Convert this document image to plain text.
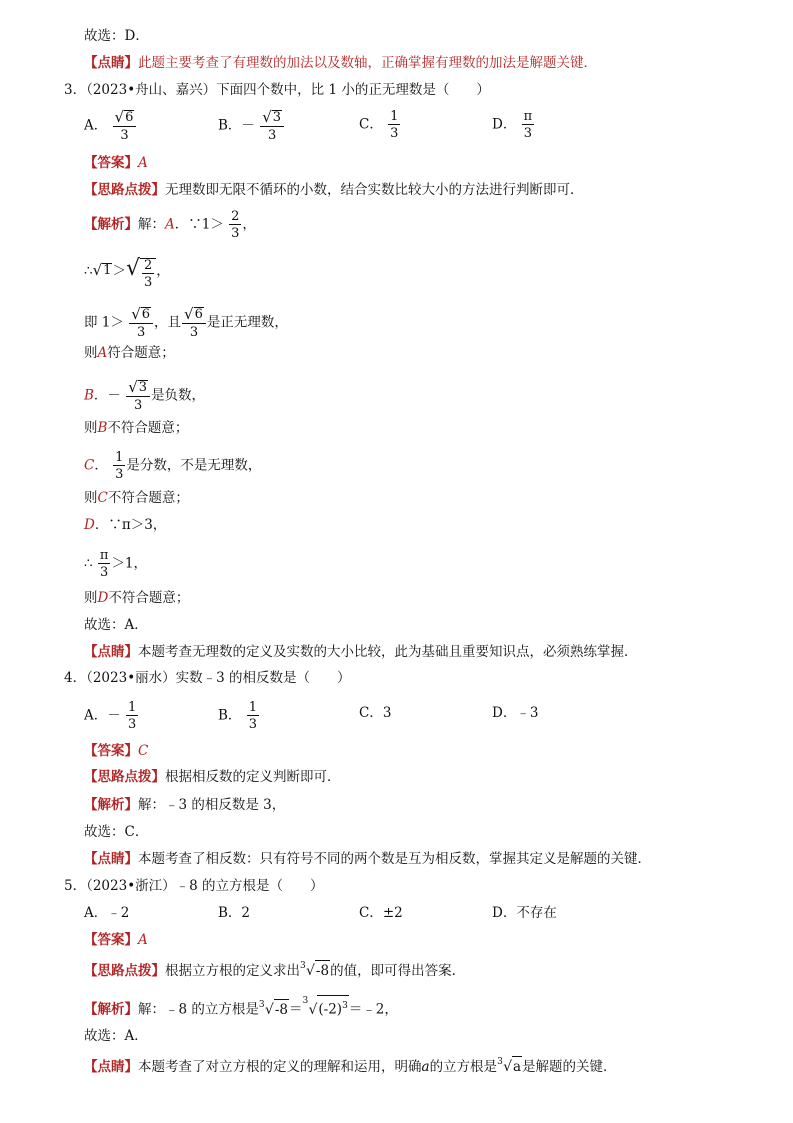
故选：D．
【点睛】此题主要考查了有理数的加法以及数轴，正确掌握有理数的加法是解题关键．
3．（2023•舟山、嘉兴）下面四个数中，比 1 小的正无理数是（　　）
A． $\frac{√ 6}{3}$	B．－ $\frac{√ 3}{3}$	C． $\frac{1}{3}$	D． $\frac{\pi}{3}$
【答案】A
【思路点拨】无理数即无限不循环的小数，结合实数比较大小的方法进行判断即可．
【解析】解：A．∵1＞ $\frac{2}{3}$ ，
∴ √ 1 ＞ √ $\frac{2}{3}$ ，
即 $1> \frac{√ 6}{3}$ ，且 $\frac{√ 6}{3}$ 是正无理数，
则A符合题意；
B．－ $\frac{√ 3}{3}$ 是负数，
则B不符合题意；
C． $\frac{1}{3}$ 是分数，不是无理数，
则C不符合题意；
D．∵π＞3，
∴ $\frac{\pi}{3} >1$，
则D不符合题意；
故选：A．
【点睛】本题考查无理数的定义及实数的大小比较，此为基础且重要知识点，必须熟练掌握．
4．（2023•丽水）实数﹣3 的相反数是（　　）
A．－ $\frac{1}{3}$	B． $\frac{1}{3}$	C．3	D．﹣3
【答案】C
【思路点拨】根据相反数的定义判断即可．
【解析】解：﹣3 的相反数是 3，
故选：C．
【点睛】本题考查了相反数：只有符号不同的两个数是互为相反数，掌握其定义是解题的关键．
5．（2023•浙江）﹣8 的立方根是（　　）
A．﹣2	B．2	C．±2	D．不存在
【答案】A
【思路点拨】根据立方根的定义求出 3 √ -8 的值，即可得出答案．
【解析】解：﹣8 的立方根是 3 √ -8 ＝
3
√ $(-2)^3$ ＝﹣2，
故选：A．
【点睛】本题考查了对立方根的定义的理解和运用，明确a的立方根是 3 √ a 是解题的关键．
